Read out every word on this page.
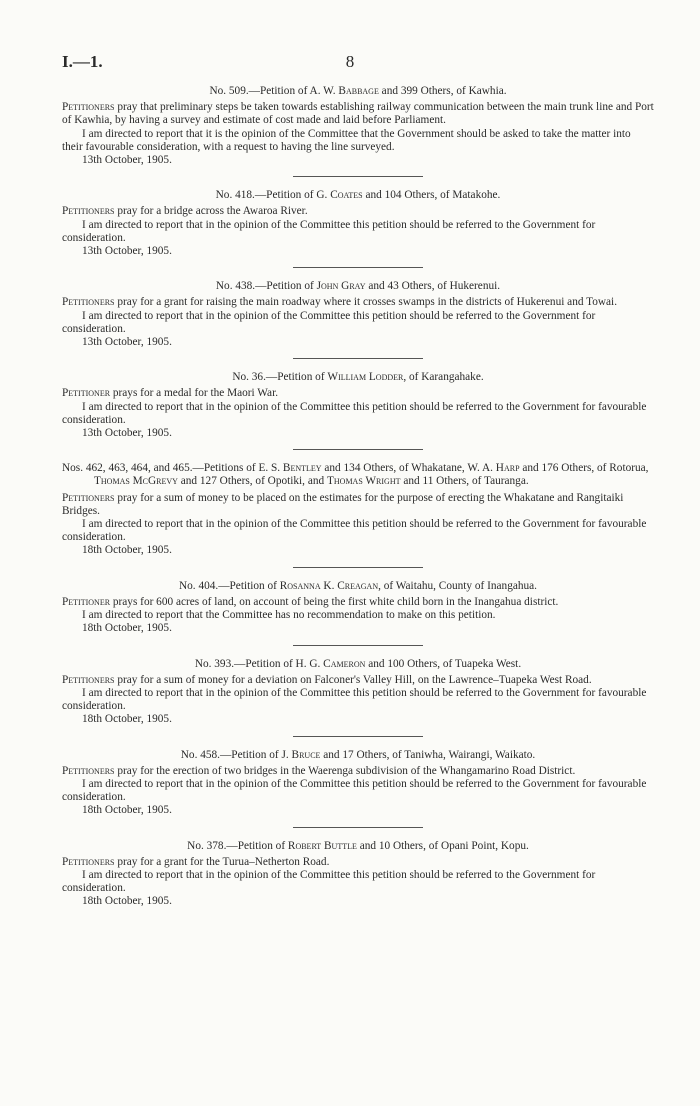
I.—1.	8

No. 509.—Petition of A. W. Babbage and 399 Others, of Kawhia.

Petitioners pray that preliminary steps be taken towards establishing railway communication between the main trunk line and Port of Kawhia, by having a survey and estimate of cost made and laid before Parliament.

I am directed to report that it is the opinion of the Committee that the Government should be asked to take the matter into their favourable consideration, with a request to having the line surveyed.

13th October, 1905.

No. 418.—Petition of G. Coates and 104 Others, of Matakohe.

Petitioners pray for a bridge across the Awaroa River.

I am directed to report that in the opinion of the Committee this petition should be referred to the Government for consideration.

13th October, 1905.

No. 438.—Petition of John Gray and 43 Others, of Hukerenui.

Petitioners pray for a grant for raising the main roadway where it crosses swamps in the districts of Hukerenui and Towai.

I am directed to report that in the opinion of the Committee this petition should be referred to the Government for consideration.

13th October, 1905.

No. 36.—Petition of William Lodder, of Karangahake.

Petitioner prays for a medal for the Maori War.

I am directed to report that in the opinion of the Committee this petition should be referred to the Government for favourable consideration.

13th October, 1905.

Nos. 462, 463, 464, and 465.—Petitions of E. S. Bentley and 134 Others, of Whakatane, W. A. Harp and 176 Others, of Rotorua, Thomas McGrevy and 127 Others, of Opotiki, and Thomas Wright and 11 Others, of Tauranga.

Petitioners pray for a sum of money to be placed on the estimates for the purpose of erecting the Whakatane and Rangitaiki Bridges.

I am directed to report that in the opinion of the Committee this petition should be referred to the Government for favourable consideration.

18th October, 1905.

No. 404.—Petition of Rosanna K. Creagan, of Waitahu, County of Inangahua.

Petitioner prays for 600 acres of land, on account of being the first white child born in the Inangahua district.

I am directed to report that the Committee has no recommendation to make on this petition.

18th October, 1905.

No. 393.—Petition of H. G. Cameron and 100 Others, of Tuapeka West.

Petitioners pray for a sum of money for a deviation on Falconer's Valley Hill, on the Lawrence–Tuapeka West Road.

I am directed to report that in the opinion of the Committee this petition should be referred to the Government for favourable consideration.

18th October, 1905.

No. 458.—Petition of J. Bruce and 17 Others, of Taniwha, Wairangi, Waikato.

Petitioners pray for the erection of two bridges in the Waerenga subdivision of the Whangamarino Road District.

I am directed to report that in the opinion of the Committee this petition should be referred to the Government for favourable consideration.

18th October, 1905.

No. 378.—Petition of Robert Buttle and 10 Others, of Opani Point, Kopu.

Petitioners pray for a grant for the Turua–Netherton Road.

I am directed to report that in the opinion of the Committee this petition should be referred to the Government for consideration.

18th October, 1905.
